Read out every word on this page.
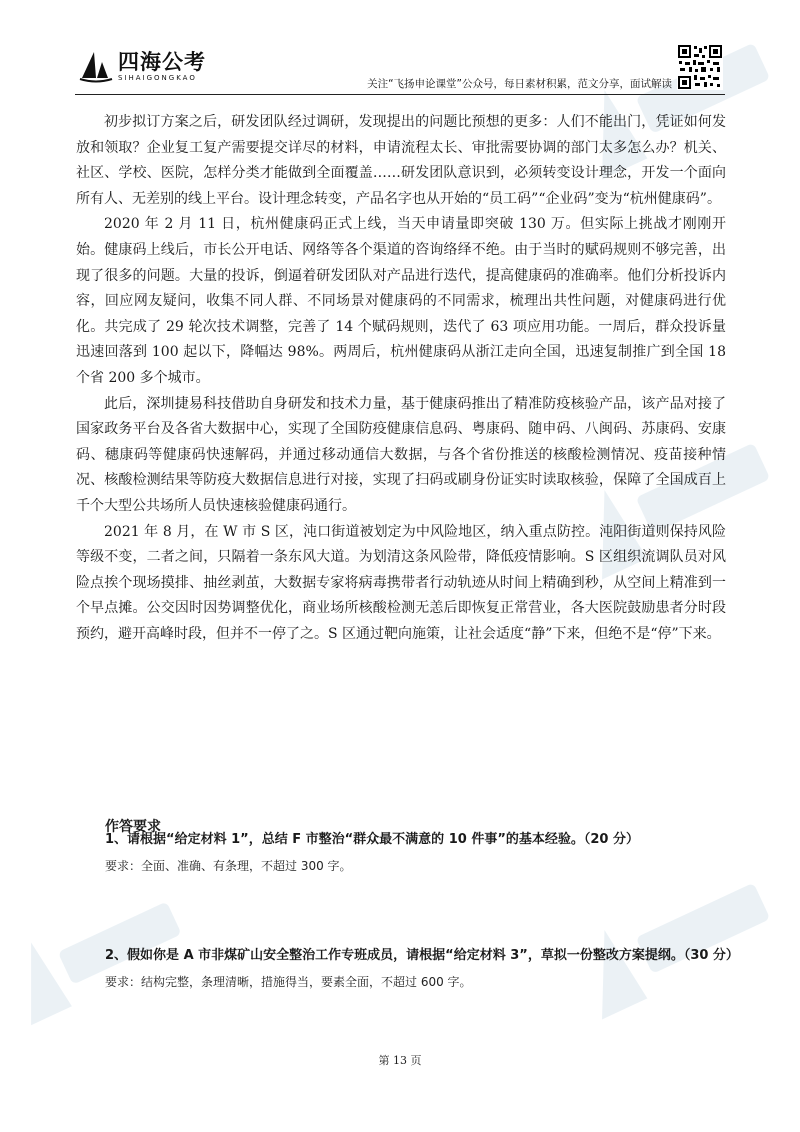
四海公考
SIHAIGONGKAO	关注“飞扬申论课堂”公众号，每日素材积累，范文分享，面试解读

初步拟订方案之后，研发团队经过调研，发现提出的问题比预想的更多：人们不能出门，凭证如何发放和领取？企业复工复产需要提交详尽的材料，申请流程太长、审批需要协调的部门太多怎么办？机关、社区、学校、医院，怎样分类才能做到全面覆盖……研发团队意识到，必须转变设计理念，开发一个面向所有人、无差别的线上平台。设计理念转变，产品名字也从开始的“员工码”“企业码”变为“杭州健康码”。

2020 年 2 月 11 日，杭州健康码正式上线，当天申请量即突破 130 万。但实际上挑战才刚刚开始。健康码上线后，市长公开电话、网络等各个渠道的咨询络绎不绝。由于当时的赋码规则不够完善，出现了很多的问题。大量的投诉，倒逼着研发团队对产品进行迭代，提高健康码的准确率。他们分析投诉内容，回应网友疑问，收集不同人群、不同场景对健康码的不同需求，梳理出共性问题，对健康码进行优化。共完成了 29 轮次技术调整，完善了 14 个赋码规则，迭代了 63 项应用功能。一周后，群众投诉量迅速回落到 100 起以下，降幅达 98%。两周后，杭州健康码从浙江走向全国，迅速复制推广到全国 18 个省 200 多个城市。

此后，深圳捷易科技借助自身研发和技术力量，基于健康码推出了精准防疫核验产品，该产品对接了国家政务平台及各省大数据中心，实现了全国防疫健康信息码、粤康码、随申码、八闽码、苏康码、安康码、穗康码等健康码快速解码，并通过移动通信大数据，与各个省份推送的核酸检测情况、疫苗接种情况、核酸检测结果等防疫大数据信息进行对接，实现了扫码或刷身份证实时读取核验，保障了全国成百上千个大型公共场所人员快速核验健康码通行。

2021 年 8 月，在 W 市 S 区，沌口街道被划定为中风险地区，纳入重点防控。沌阳街道则保持风险等级不变，二者之间，只隔着一条东风大道。为划清这条风险带，降低疫情影响。S 区组织流调队员对风险点挨个现场摸排、抽丝剥茧，大数据专家将病毒携带者行动轨迹从时间上精确到秒，从空间上精准到一个早点摊。公交因时因势调整优化，商业场所核酸检测无恙后即恢复正常营业，各大医院鼓励患者分时段预约，避开高峰时段，但并不一停了之。S 区通过靶向施策，让社会适度“静”下来，但绝不是“停”下来。

作答要求
1、请根据“给定材料 1”，总结 F 市整治“群众最不满意的 10 件事”的基本经验。（20 分）
要求：全面、准确、有条理，不超过 300 字。
2、假如你是 A 市非煤矿山安全整治工作专班成员，请根据“给定材料 3”，草拟一份整改方案提纲。（30 分）
要求：结构完整，条理清晰，措施得当，要素全面，不超过 600 字。
第 13 页
